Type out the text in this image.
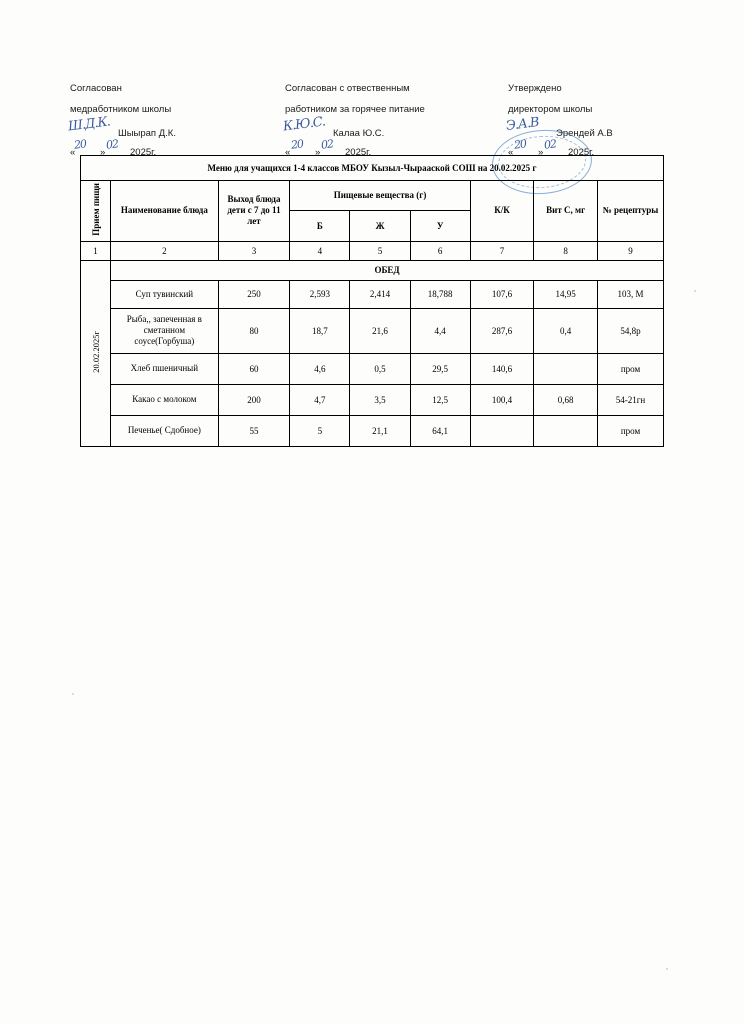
Согласован
медработником школы
Ш.Д.К. Шыырап Д.К.
«	»	2025г.
20 02
Согласован с отвественным
работником за горячее питание
К.Ю.С. Калаа Ю.С.
«	»	2025г.
20 02
Утверждено
директором школы
Э.А.В Эрендей А.В
«	»	2025г.
20 02
Меню для учащихся 1-4 классов МБОУ Кызыл-Чырааской СОШ на 20.02.2025 г								
Прием пищи	Наименование блюда	Выход блюда дети с 7 до 11 лет	Пищевые вещества (г)			К/К	Вит С, мг	№ рецептуры
			Б	Ж	У			
1	2	3	4	5	6	7	8	9
20.02.2025г	ОБЕД							
	Суп тувинский	250	2,593	2,414	18,788	107,6	14,95	103, М
	Рыба,, запеченная в сметанном соусе(Горбуша)	80	18,7	21,6	4,4	287,6	0,4	54,8р
	Хлеб пшеничный	60	4,6	0,5	29,5	140,6		пром
	Какао с молоком	200	4,7	3,5	12,5	100,4	0,68	54-21гн
	Печенье( Сдобное)	55	5	21,1	64,1			пром
